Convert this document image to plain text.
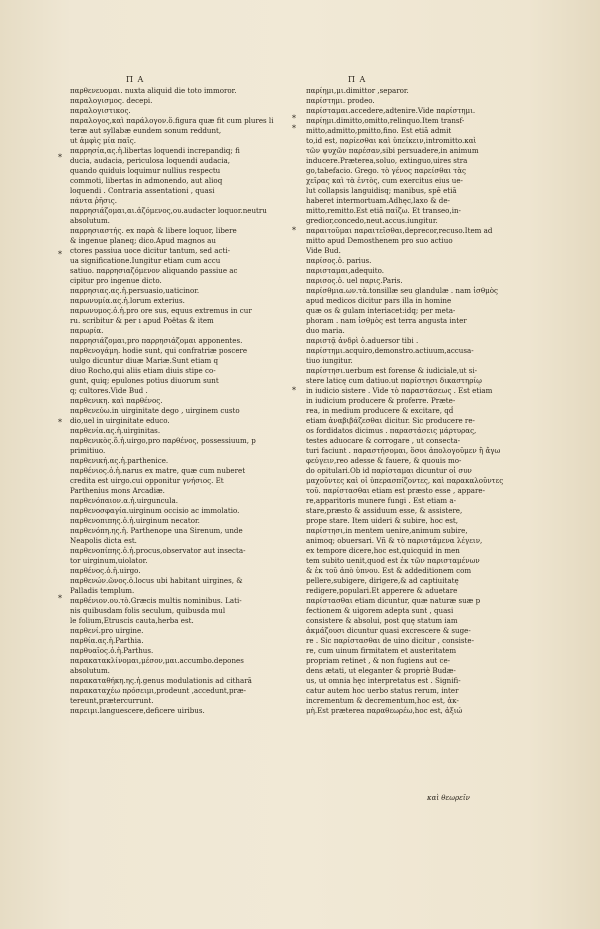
Π Α	Π Α
παρθενευομαι. nuxta aliquid die toto immoror.
παραλογισμος. decepi.
παραλογιστικος.
παραλογος,καὶ παράλογον.ὅ.figura quæ fit cum plures li
teræ aut syllabæ eundem sonum reddunt,
ut ἀμφὶς μία παῖς.
παρρησία,ας.ἡ.libertas loquendi increpandiq; fi
ducia, audacia, periculosa loquendi audacia,
quando quiduis loquimur nullius respectu
commoti, libertas in admonendo, aut alioq
loquendi . Contraria assentationi , quasi
πάντα ῥῆσις.
παρρησιάζομαι,αι.ἀζόμενος,ου.audacter loquor.neutru
absolutum.
παρρησιαστής. ex παρὰ & libere loquor, libere
& ingenue planeq; dico.Apud magnos au
ctores passiua uoce dicitur tantum, sed acti-
ua significatione.Iungitur etiam cum accu
satiuo. παρρησιαζόμενον aliquando passiue ac
cipitur pro ingenue dicto.
παρρησιας.ας.ἡ.persuasio,uaticinor.
παρωνυμία.ας.ἡ.lorum exterius.
παρωνυμος.ὁ.ἡ.pro ore sus, equus extremus in cur
ru. scribitur & per ı apud Poëtas & item
παρωρία.
παρρησιάζομαι,pro παρρησιάζομαι apponentes.
παρθενογάμη. hodie sunt, qui confratriæ poscere
uulgo dicuntur diuæ Mariæ.Sunt etiam q
diuo Rocho,qui aliis etiam diuis stipe co-
gunt, quiq; epulones potius diuorum sunt
q; cultores.Vide Bud .
παρθενικη. καὶ παρθένος.
παρθενεύω.in uirginitate dego , uirginem custo
dio,uel in uirginitate educo.
παρθενία.ας.ἡ.uirginitas.
παρθενικὸς.ὅ.ἡ.uirgo,pro παρθένος, possessiuum, p
primitiuo.
παρθενική.ας.ἡ.parthenice.
παρθένιος.ὁ.ἡ.narus ex matre, quæ cum nuberet
credita est uirgo.cui opponitur γνήσιος. Et
Parthenius mons Arcadiæ.
παρθενόπαιον.α.ἡ.uirguncula.
παρθενοσφαγία.uirginum occisio ac immolatio.
παρθενοπιπης.ὁ.ἡ.uirginum necator.
παρθενόπη.ης.ἡ. Parthenope una Sirenum, unde
Neapolis dicta est.
παρθενοπίπης.ὁ.ἡ.procus,observator aut insecta-
tor uirginum,uiolator.
παρθένος.ὁ.ἡ.uirgo.
παρθενών.ῶνος.ὁ.locus ubi habitant uirgines, &
Palladis templum.
παρθένιον.ου.τὸ.Græcis multis nominibus. Lati-
nis quibusdam folis seculum, quibusda mul
le folium,Etruscis cauta,herba est.
παρθενί.pro uirgine.
παρθία.ας.ἡ.Parthia.
παρθυαῖος.ὁ.ἡ.Parthus.
παρακατακλίνομαι,μέσον,μαι.accumbo.depones
absolutum.
παρακαταθήκη.ης.ἡ.genus modulationis ad citharā
παρακαταχέω πρόσειμι,prodeunt ,accedunt,præ-
tereunt,prætercurrunt.
παρειμι.languescere,deficere uiribus.
παρίημι,μι.dimittor ,separor.
παρίστημι. prodeo.
παρίσταμαι.accedere,adtenire.Vide παρίστημι.
παρίημι.dimitto,omitto,relinquo.Item transf-
mitto,admitto,pmitto,fino. Est etiā admit
to,id est, παρίεσθαι καὶ ὑπείκειν,intromitto.καὶ
τῶν ψυχῶν παρέσαν,sibi persuadere,in animum
inducere.Præterea,soluo, extinguo,uires stra
go,tabefacio. Grego. τὸ γένος παρείσθαι τὰς
χεῖρας καὶ τὰ ἐντὸς, cum exercitus eius ue-
lut collapsis languidisq; manibus, spē etiā
haberet intermortuam.Adhęc,laxo & de-
mitto,remitto.Est etiā παίζω. Et transeo,in-
gredior,concedo,neut.accus.iungitur.
παραιτοῦμαι παραιτεῖσθαι,deprecor,recuso.Item ad
mitto apud Demosthenem pro suo actiuo
Vide Bud.
παρίσος.ὁ. parius.
παρισταμαι,adequito.
παρισος.ὁ. uel παρις.Paris.
παρίσθμια.ων.τὰ.tonsillæ seu glandulæ . nam ἰσθμὸς
apud medicos dicitur pars illa in homine
quæ os & gulam interiacet:idq; per meta-
phoram . nam ἰσθμὸς est terra angusta inter
duo maria.
παριστᾷ ἀνδρὶ ὁ.aduersor tibi .
παρίστημι.acquiro,demonstro.actiuum,accusa-
tiuo iungitur.
παρίστησι.uerbum est forense & iudiciale,ut si-
stere laticę cum datiuo.ut παρίστησι δικαστηρίῳ
in iudicio sistere . Vide τὸ παραστάσεως . Est etiam
in iudicium producere & proferre. Præte-
rea, in medium producere & excitare, qḋ
etiam ἀναβιβάζεσθαι dicitur. Sic producere re-
os fordidatos dicimus . παραστάσεις μάρτυρας,
testes aduocare & corrogare , ut consecta-
turi faciunt . παραστήσομαι, ὅσοι ἀπολογοῦμεν ἢ ἄγω
φεύγειν,reo adesse & fauere, & quouis mo-
do opitulari.Ob id παρίσταμαι dicuntur οἱ συν
μαχοῦντες καὶ οἱ ὑπερασπίζοντες, καὶ παρακαλοῦντες
τοῦ. παρίστασθαι etiam est præsto esse , appare-
re,apparitoris munere fungi . Est etiam a-
stare,præsto & assiduum esse, & assistere,
prope stare. Item uideri & subire, hoc est,
παρίστησι,in mentem uenire,animum subire,
animoq; obuersari. Vñ & τὸ παριστάμενα λέγειν,
ex tempore dicere,hoc est,quicquid in men
tem subito uenit,quod est ἐκ τῶν παρισταμένων
& ἐκ τοῦ ἀπὸ ὑπνου. Est & addeditionem com
pellere,subigere, dirigere,& ad captiuitatę
redigere,populari.Et apperere & aduetare
παρίστασθαι etiam dicuntur, quæ naturæ suæ p
fectionem & uigorem adepta sunt , quasi
consistere & absolui, post quę statum iam
ἀκμάζουσι dicuntur quasi excrescere & suge-
re . Sic παρίστασθαι de uino dicitur , consiste-
re, cum uinum firmitatem et austeritatem
propriam retinet , & non fugiens aut ce-
dens ætati, ut eleganter & propriè Budæ-
us, ut omnia hęc interpretatus est . Signifi-
catur autem hoc uerbo status rerum, inter
incrementum & decrementum,hoc est, ἀκ-
μὴ.Est præterea παραθεωρέω,hoc est, ἀξιώ
*
*
*
*
*
*
*
*
καὶ θεωρεῖν
